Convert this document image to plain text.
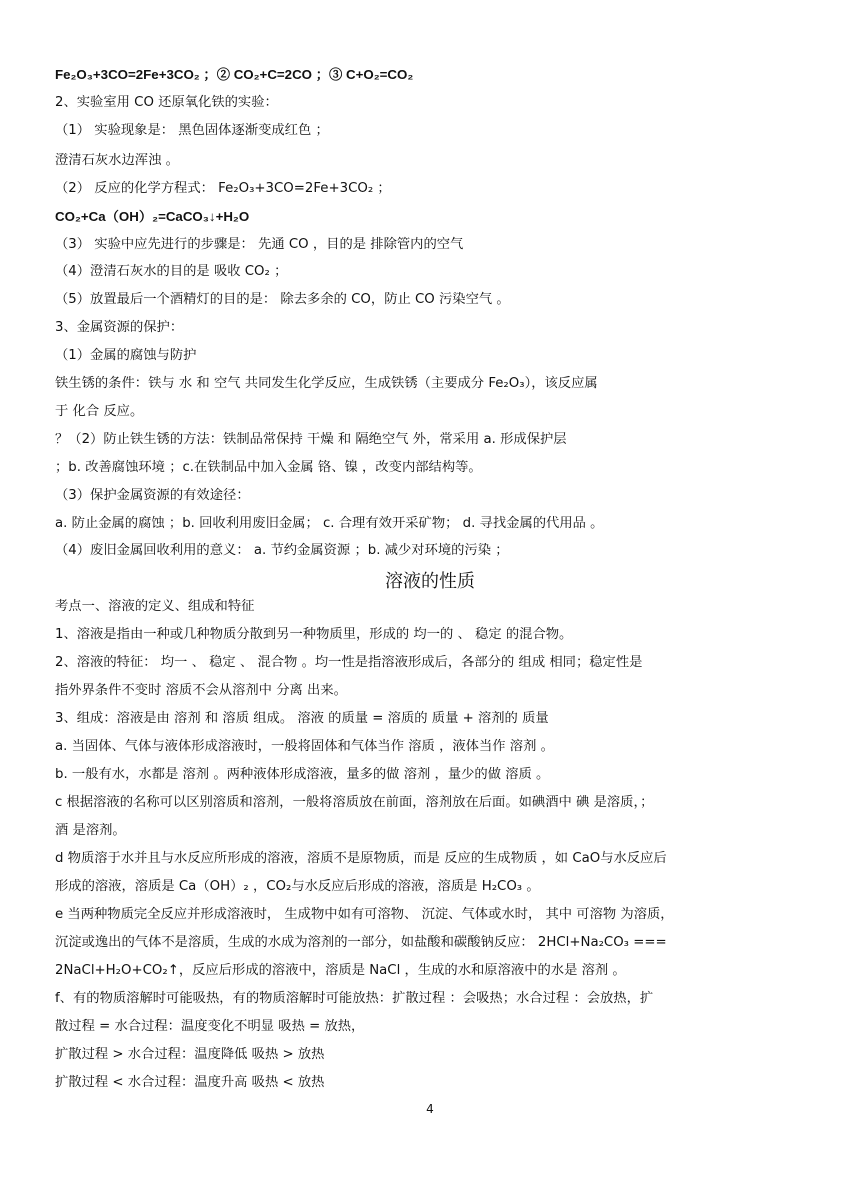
Fe₂O₃+3CO=2Fe+3CO₂ ；② CO₂+C=2CO ；③ C+O₂=CO₂
2、实验室用 CO 还原氧化铁的实验：
（1） 实验现象是： 黑色固体逐渐变成红色 ；
澄清石灰水边浑浊 。
（2） 反应的化学方程式： Fe₂O₃+3CO=2Fe+3CO₂ ；
CO₂+Ca（OH）₂=CaCO₃↓+H₂O
（3） 实验中应先进行的步骤是： 先通 CO ，目的是 排除管内的空气
（4）澄清石灰水的目的是 吸收 CO₂ ；
（5）放置最后一个酒精灯的目的是： 除去多余的 CO，防止 CO 污染空气 。
3、金属资源的保护：
（1）金属的腐蚀与防护
铁生锈的条件：铁与 水 和 空气 共同发生化学反应，生成铁锈（主要成分 Fe₂O₃），该反应属
于 化合 反应。
？（2）防止铁生锈的方法：铁制品常保持 干燥 和 隔绝空气 外，常采用 a. 形成保护层
；b. 改善腐蚀环境 ；c.在铁制品中加入金属 铬、镍 ，改变内部结构等。
（3）保护金属资源的有效途径：
a. 防止金属的腐蚀 ；b. 回收利用废旧金属； c. 合理有效开采矿物； d. 寻找金属的代用品 。
（4）废旧金属回收利用的意义： a. 节约金属资源 ；b. 减少对环境的污染 ；
考点一、溶液的定义、组成和特征
1、溶液是指由一种或几种物质分散到另一种物质里，形成的 均一的 、 稳定 的混合物。
2、溶液的特征： 均一 、 稳定 、 混合物 。均一性是指溶液形成后，各部分的 组成 相同；稳定性是
指外界条件不变时 溶质不会从溶剂中 分离 出来。
3、组成：溶液是由 溶剂 和 溶质 组成。 溶液 的质量 = 溶质的 质量 + 溶剂的 质量
a. 当固体、气体与液体形成溶液时，一般将固体和气体当作 溶质 ，液体当作 溶剂 。
b. 一般有水，水都是 溶剂 。两种液体形成溶液，量多的做 溶剂 ，量少的做 溶质 。
c 根据溶液的名称可以区别溶质和溶剂，一般将溶质放在前面，溶剂放在后面。如碘酒中 碘 是溶质，；
酒 是溶剂。
d 物质溶于水并且与水反应所形成的溶液，溶质不是原物质，而是 反应的生成物质 ，如 CaO与水反应后
形成的溶液，溶质是 Ca（OH）₂ ，CO₂与水反应后形成的溶液，溶质是 H₂CO₃ 。
e 当两种物质完全反应并形成溶液时， 生成物中如有可溶物、 沉淀、气体或水时， 其中 可溶物 为溶质，
沉淀或逸出的气体不是溶质，生成的水成为溶剂的一部分，如盐酸和碳酸钠反应： 2HCl+Na₂CO₃ ===
2NaCl+H₂O+CO₂↑，反应后形成的溶液中，溶质是 NaCl ，生成的水和原溶液中的水是 溶剂 。
f、有的物质溶解时可能吸热，有的物质溶解时可能放热：扩散过程 ：会吸热；水合过程 ：会放热，扩
散过程 = 水合过程：温度变化不明显 吸热 = 放热，
扩散过程 > 水合过程：温度降低 吸热 > 放热
扩散过程 < 水合过程：温度升高 吸热 < 放热
溶液的性质
4
